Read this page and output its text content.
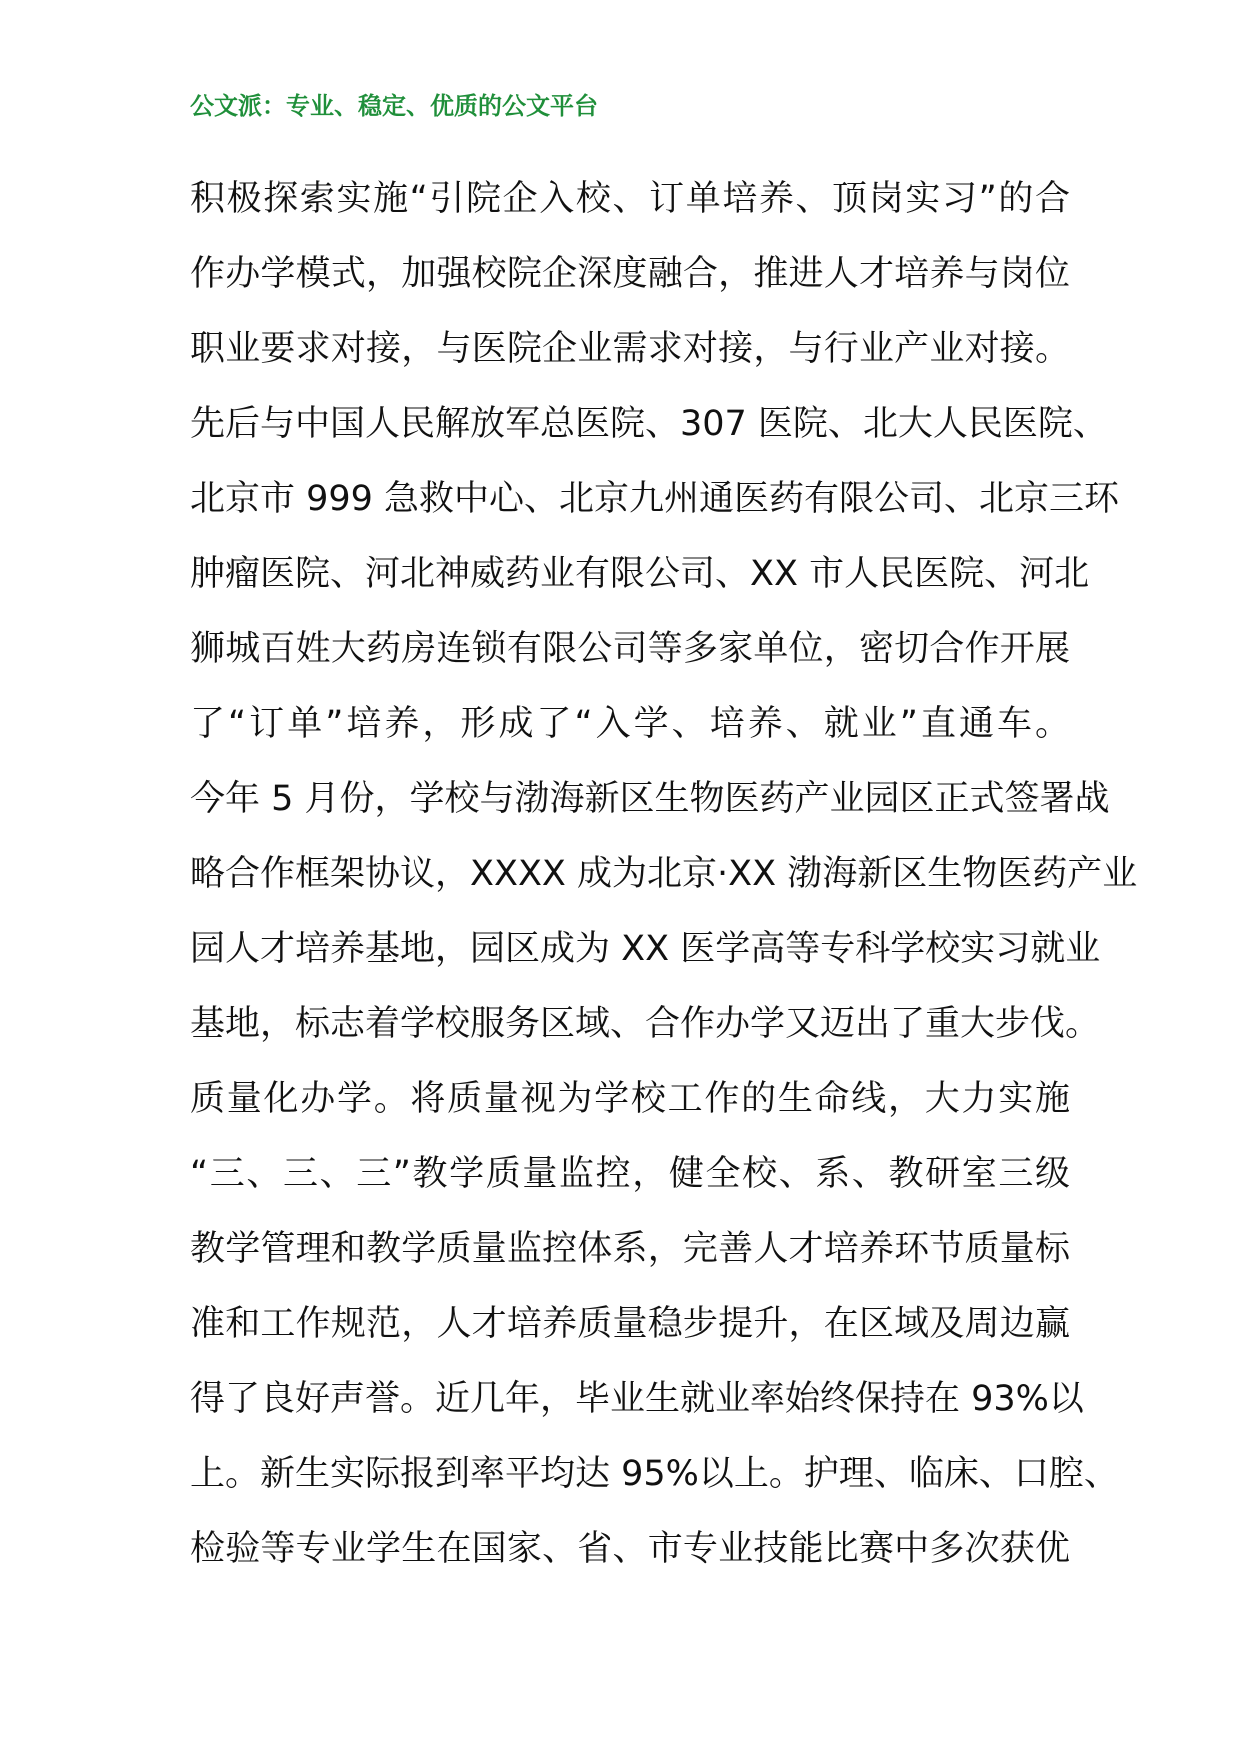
公文派：专业、稳定、优质的公文平台
积极探索实施“引院企入校、订单培养、顶岗实习”的合
作办学模式，加强校院企深度融合，推进人才培养与岗位
职业要求对接，与医院企业需求对接，与行业产业对接。
先后与中国人民解放军总医院、307 医院、北大人民医院、
北京市 999 急救中心、北京九州通医药有限公司、北京三环
肿瘤医院、河北神威药业有限公司、XX 市人民医院、河北
狮城百姓大药房连锁有限公司等多家单位，密切合作开展
了“订单”培养，形成了“入学、培养、就业”直通车。
今年 5 月份，学校与渤海新区生物医药产业园区正式签署战
略合作框架协议，XXXX 成为北京·XX 渤海新区生物医药产业
园人才培养基地，园区成为 XX 医学高等专科学校实习就业
基地，标志着学校服务区域、合作办学又迈出了重大步伐。
质量化办学。将质量视为学校工作的生命线，大力实施
“三、三、三”教学质量监控，健全校、系、教研室三级
教学管理和教学质量监控体系，完善人才培养环节质量标
准和工作规范，人才培养质量稳步提升，在区域及周边赢
得了良好声誉。近几年，毕业生就业率始终保持在 93%以
上。新生实际报到率平均达 95%以上。护理、临床、口腔、
检验等专业学生在国家、省、市专业技能比赛中多次获优
